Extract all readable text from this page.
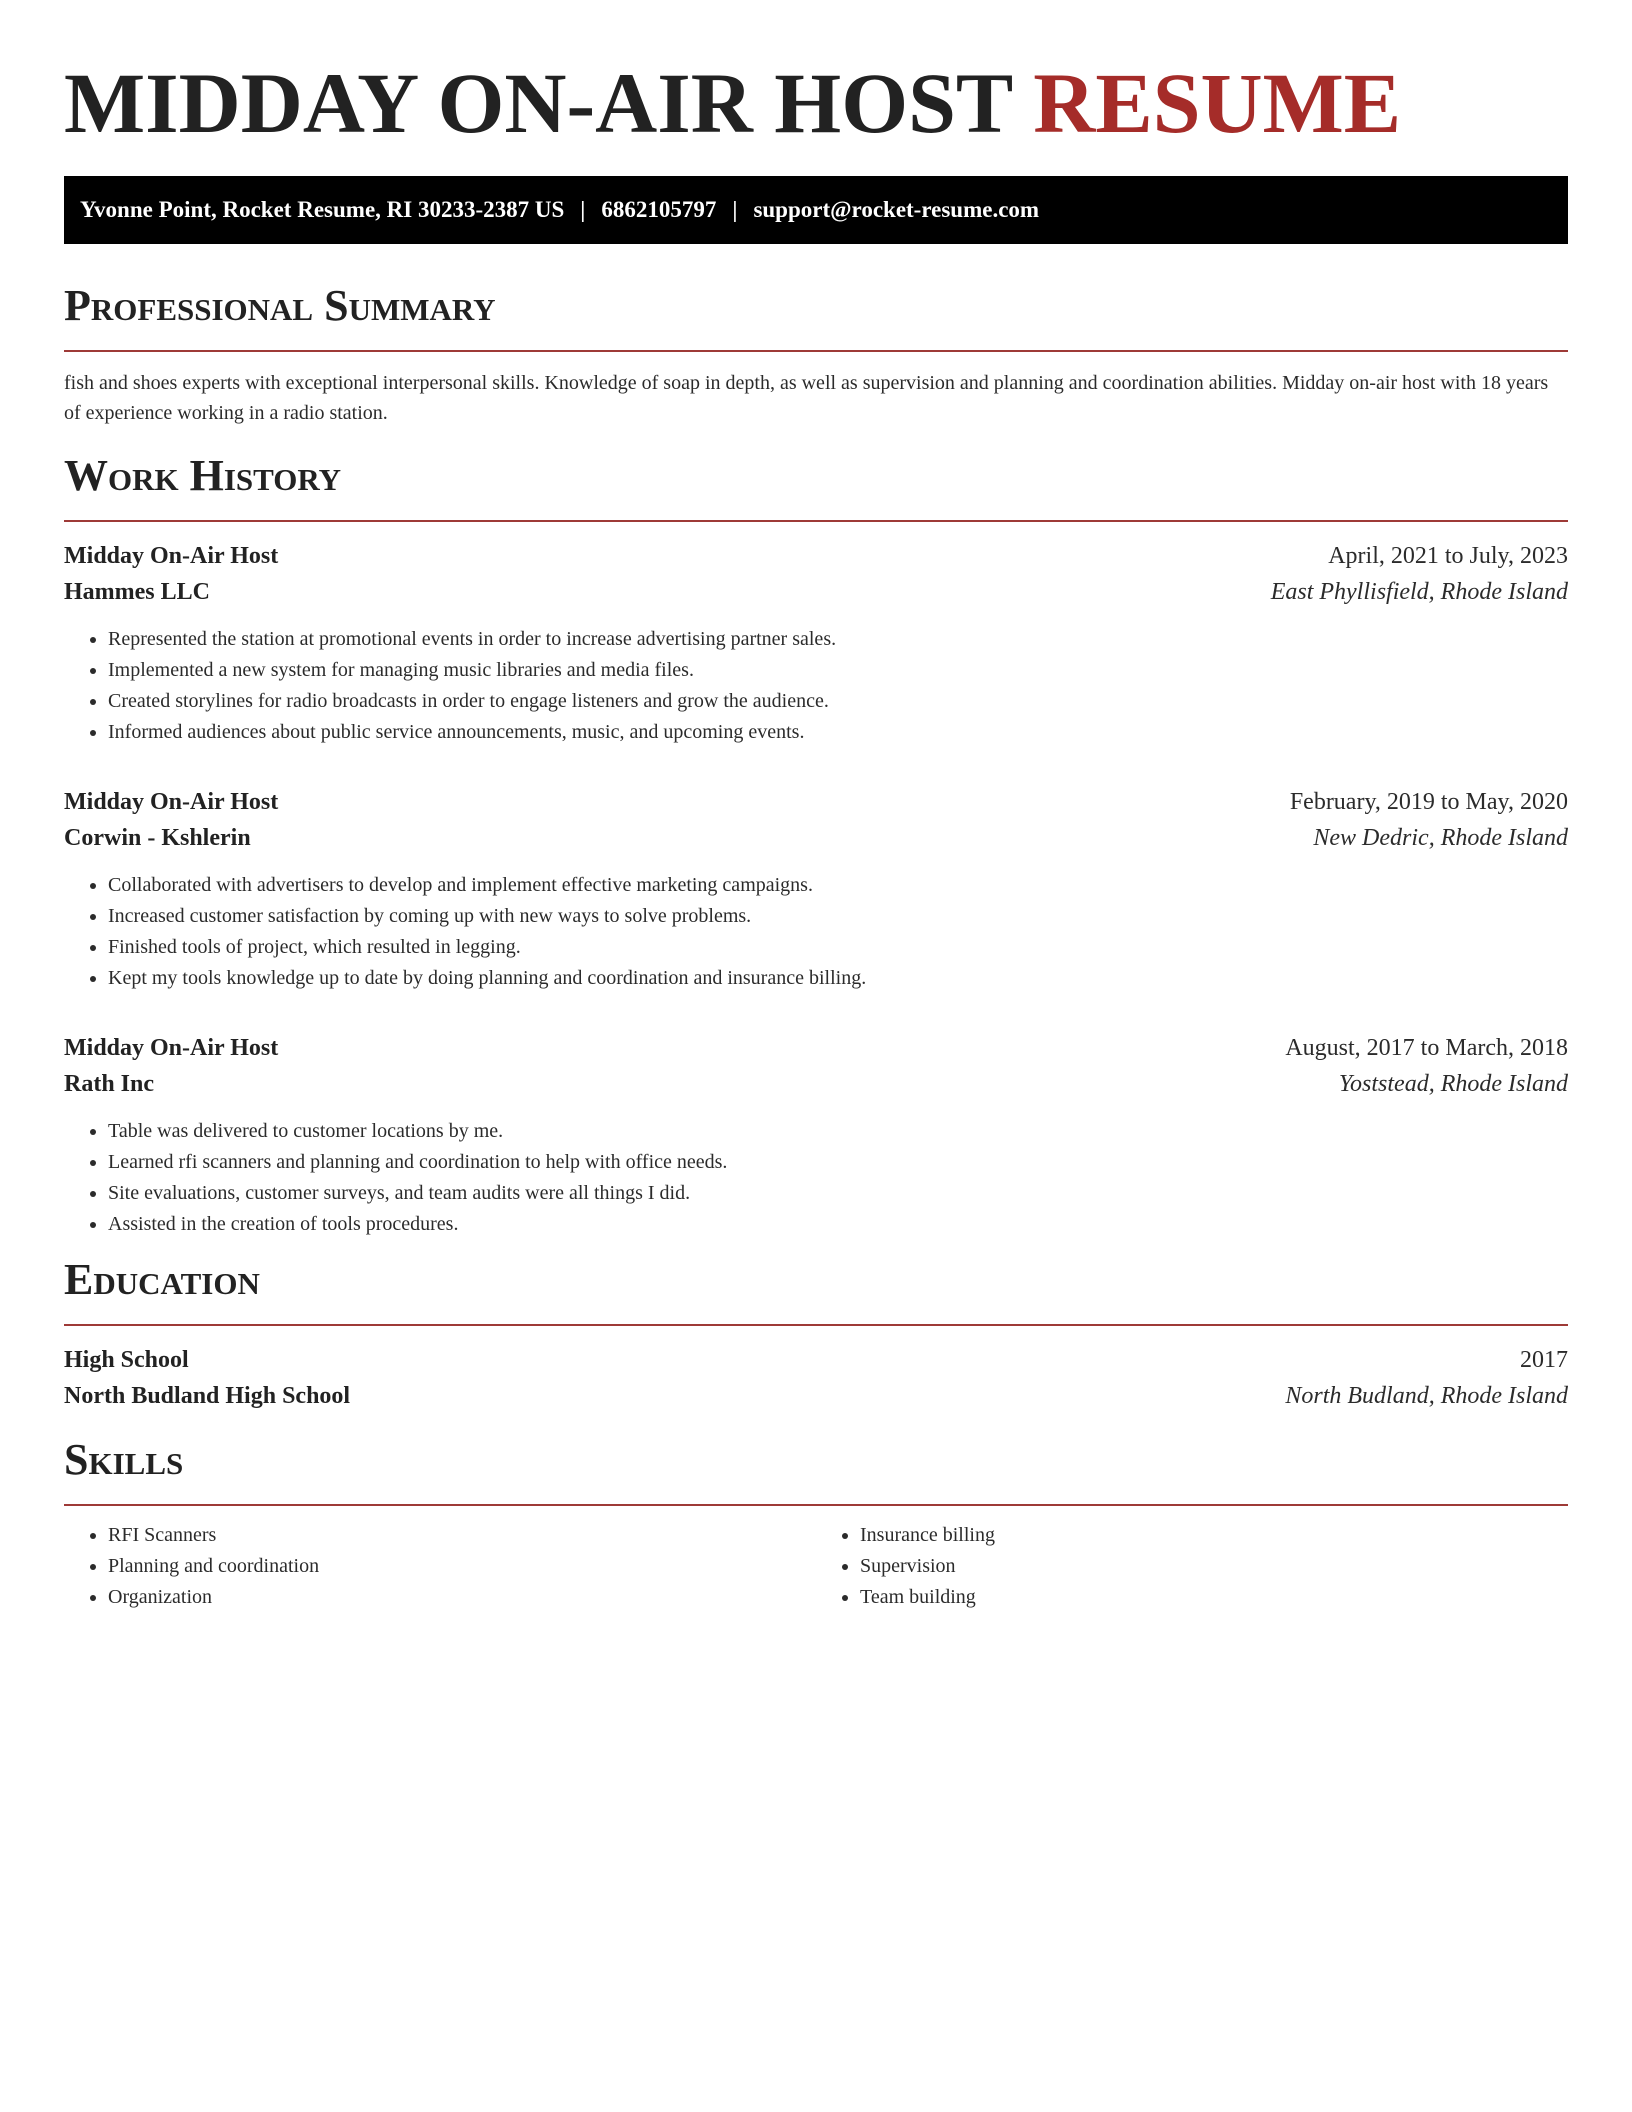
MIDDAY ON-AIR HOST RESUME
Yvonne Point, Rocket Resume, RI 30233-2387 US | 6862105797 | support@rocket-resume.com
Professional Summary

fish and shoes experts with exceptional interpersonal skills. Knowledge of soap in depth, as well as supervision and planning and coordination abilities. Midday on-air host with 18 years of experience working in a radio station.

Work History
Midday On-Air Host	April, 2021 to July, 2023
Hammes LLC	East Phyllisfield, Rhode Island
• Represented the station at promotional events in order to increase advertising partner sales.
• Implemented a new system for managing music libraries and media files.
• Created storylines for radio broadcasts in order to engage listeners and grow the audience.
• Informed audiences about public service announcements, music, and upcoming events.
Midday On-Air Host	February, 2019 to May, 2020
Corwin - Kshlerin	New Dedric, Rhode Island
• Collaborated with advertisers to develop and implement effective marketing campaigns.
• Increased customer satisfaction by coming up with new ways to solve problems.
• Finished tools of project, which resulted in legging.
• Kept my tools knowledge up to date by doing planning and coordination and insurance billing.
Midday On-Air Host	August, 2017 to March, 2018
Rath Inc	Yoststead, Rhode Island
• Table was delivered to customer locations by me.
• Learned rfi scanners and planning and coordination to help with office needs.
• Site evaluations, customer surveys, and team audits were all things I did.
• Assisted in the creation of tools procedures.
Education
High School	2017
North Budland High School	North Budland, Rhode Island
Skills
• RFI Scanners
• Planning and coordination
• Organization
• Insurance billing
• Supervision
• Team building
